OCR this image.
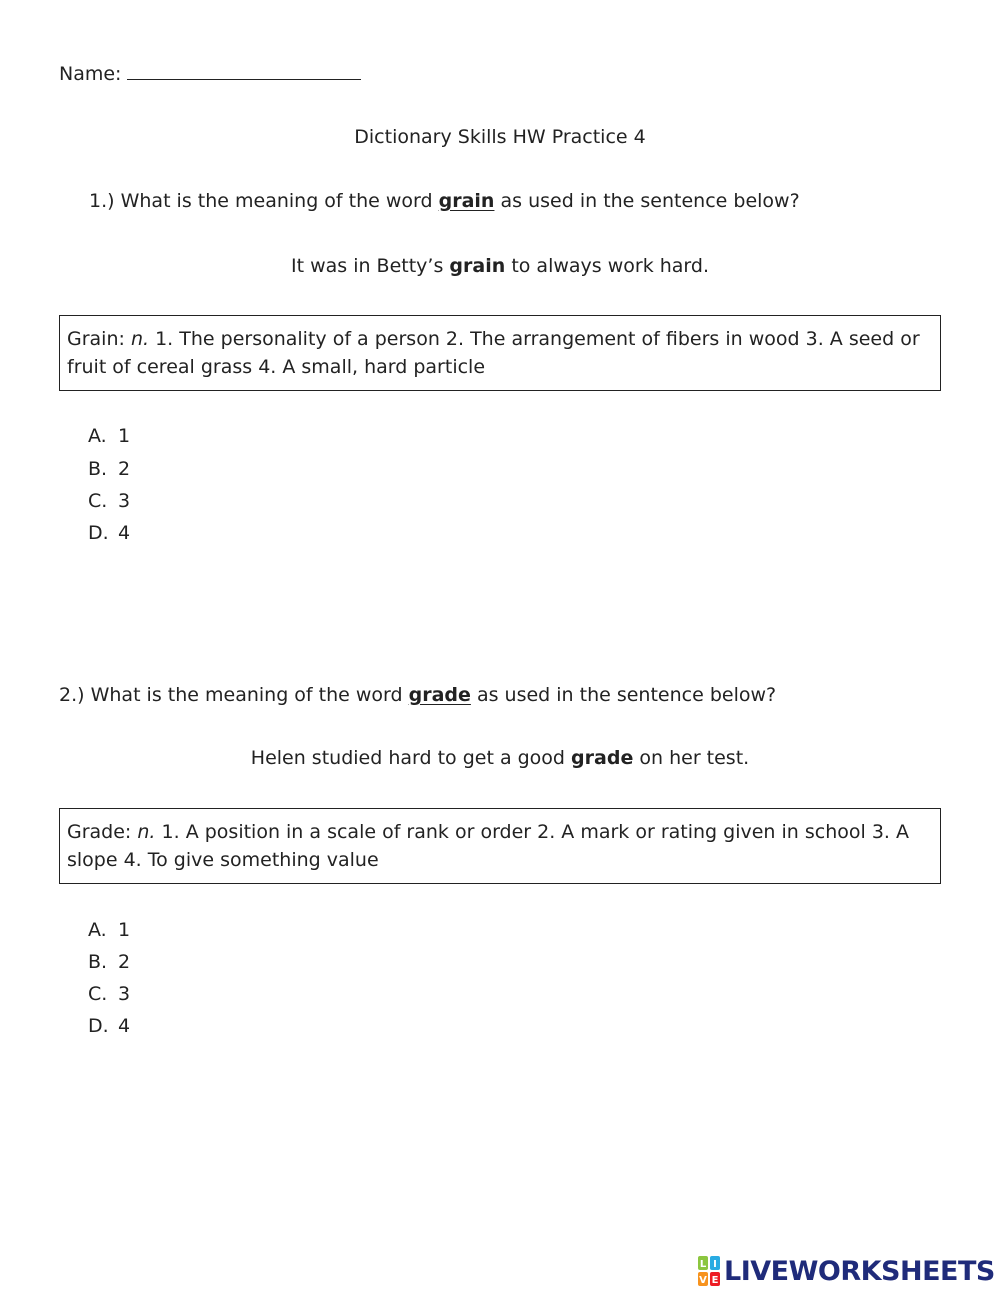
Name:
Dictionary Skills HW Practice 4
1.) What is the meaning of the word grain as used in the sentence below?
It was in Betty’s grain to always work hard.
Grain: n. 1. The personality of a person 2. The arrangement of fibers in wood 3. A seed or fruit of cereal grass 4. A small, hard particle
A. 1
B. 2
C. 3
D. 4
2.) What is the meaning of the word grade as used in the sentence below?
Helen studied hard to get a good grade on her test.
Grade: n. 1. A position in a scale of rank or order 2. A mark or rating given in school 3. A slope 4. To give something value
A. 1
B. 2
C. 3
D. 4
L I
V E LIVEWORKSHEETS
